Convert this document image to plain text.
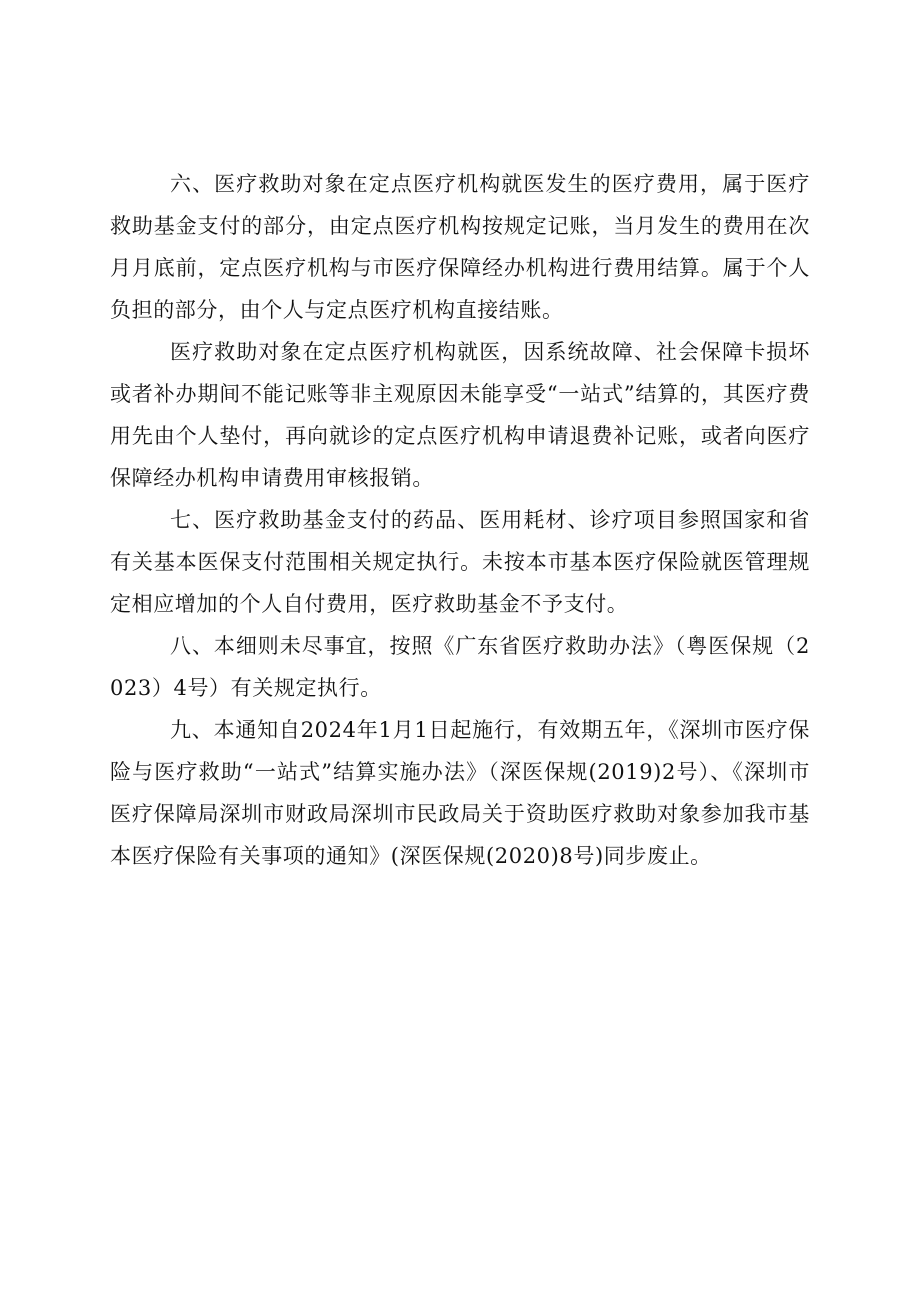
六、医疗救助对象在定点医疗机构就医发生的医疗费用，属于医疗救助基金支付的部分，由定点医疗机构按规定记账，当月发生的费用在次月月底前，定点医疗机构与市医疗保障经办机构进行费用结算。属于个人负担的部分，由个人与定点医疗机构直接结账。

医疗救助对象在定点医疗机构就医，因系统故障、社会保障卡损坏或者补办期间不能记账等非主观原因未能享受“一站式”结算的，其医疗费用先由个人垫付，再向就诊的定点医疗机构申请退费补记账，或者向医疗保障经办机构申请费用审核报销。

七、医疗救助基金支付的药品、医用耗材、诊疗项目参照国家和省有关基本医保支付范围相关规定执行。未按本市基本医疗保险就医管理规定相应增加的个人自付费用，医疗救助基金不予支付。

八、本细则未尽事宜，按照《广东省医疗救助办法》（粤医保规（2023）4号）有关规定执行。

九、本通知自2024年1月1日起施行，有效期五年，《深圳市医疗保险与医疗救助“一站式”结算实施办法》（深医保规(2019)2号）、《深圳市医疗保障局深圳市财政局深圳市民政局关于资助医疗救助对象参加我市基本医疗保险有关事项的通知》(深医保规(2020)8号)同步废止。
